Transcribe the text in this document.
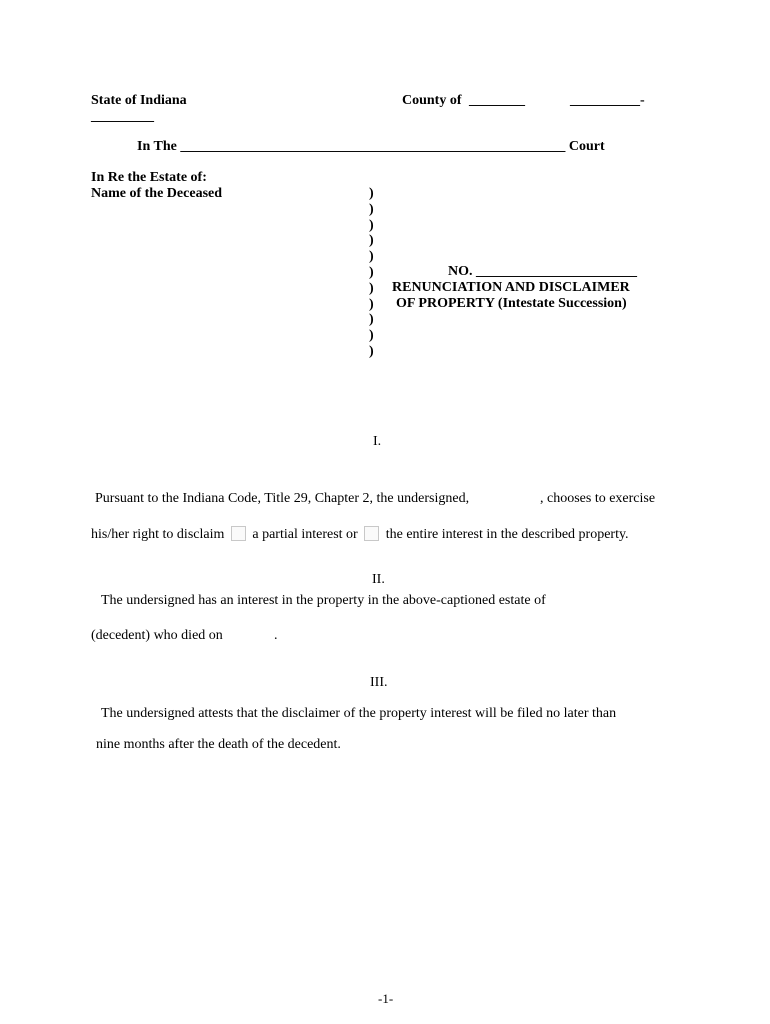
State of Indiana	County of ________	__________-
_________
In The _______________________________________________________ Court
In Re the Estate of:
Name of the Deceased	)
)
)
)
)
)
)
)
)
)
)
NO. _______________________
RENUNCIATION AND DISCLAIMER
OF PROPERTY (Intestate Succession)
I.
Pursuant to the Indiana Code, Title 29, Chapter 2, the undersigned,	, chooses to exercise
his/her right to disclaim a partial interest or the entire interest in the described property.
II.
The undersigned has an interest in the property in the above-captioned estate of
(decedent) who died on	.
III.
The undersigned attests that the disclaimer of the property interest will be filed no later than
nine months after the death of the decedent.
-1-
